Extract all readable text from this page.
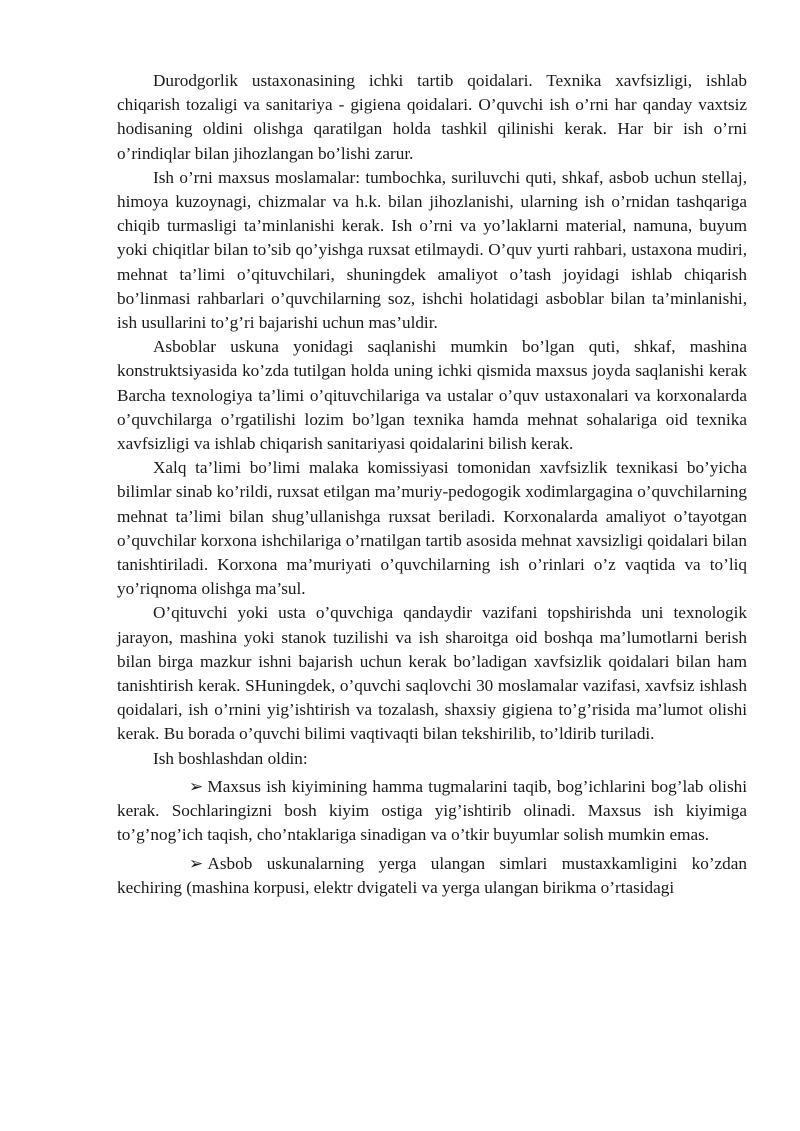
Durodgorlik ustaxonasining ichki tartib qoidalari. Texnika xavfsizligi, ishlab chiqarish tozaligi va sanitariya - gigiena qoidalari. O’quvchi ish o’rni har qanday vaxtsiz hodisaning oldini olishga qaratilgan holda tashkil qilinishi kerak. Har bir ish o’rni o’rindiqlar bilan jihozlangan bo’lishi zarur.

Ish o’rni maxsus moslamalar: tumbochka, suriluvchi quti, shkaf, asbob uchun stellaj, himoya kuzoynagi, chizmalar va h.k. bilan jihozlanishi, ularning ish o’rnidan tashqariga chiqib turmasligi ta’minlanishi kerak. Ish o’rni va yo’laklarni material, namuna, buyum yoki chiqitlar bilan to’sib qo’yishga ruxsat etilmaydi. O’quv yurti rahbari, ustaxona mudiri, mehnat ta’limi o’qituvchilari, shuningdek amaliyot o’tash joyidagi ishlab chiqarish bo’linmasi rahbarlari o’quvchilarning soz, ishchi holatidagi asboblar bilan ta’minlanishi, ish usullarini to’g’ri bajarishi uchun mas’uldir.

Asboblar uskuna yonidagi saqlanishi mumkin bo’lgan quti, shkaf, mashina konstruktsiyasida ko’zda tutilgan holda uning ichki qismida maxsus joyda saqlanishi kerak Barcha texnologiya ta’limi o’qituvchilariga va ustalar o’quv ustaxonalari va korxonalarda o’quvchilarga o’rgatilishi lozim bo’lgan texnika hamda mehnat sohalariga oid texnika xavfsizligi va ishlab chiqarish sanitariyasi qoidalarini bilish kerak.

Xalq ta’limi bo’limi malaka komissiyasi tomonidan xavfsizlik texnikasi bo’yicha bilimlar sinab ko’rildi, ruxsat etilgan ma’muriy-pedogogik xodimlargagina o’quvchilarning mehnat ta’limi bilan shug’ullanishga ruxsat beriladi. Korxonalarda amaliyot o’tayotgan o’quvchilar korxona ishchilariga o’rnatilgan tartib asosida mehnat xavsizligi qoidalari bilan tanishtiriladi. Korxona ma’muriyati o’quvchilarning ish o’rinlari o’z vaqtida va to’liq yo’riqnoma olishga ma’sul.

O’qituvchi yoki usta o’quvchiga qandaydir vazifani topshirishda uni texnologik jarayon, mashina yoki stanok tuzilishi va ish sharoitga oid boshqa ma’lumotlarni berish bilan birga mazkur ishni bajarish uchun kerak bo’ladigan xavfsizlik qoidalari bilan ham tanishtirish kerak. SHuningdek, o’quvchi saqlovchi 30 moslamalar vazifasi, xavfsiz ishlash qoidalari, ish o’rnini yig’ishtirish va tozalash, shaxsiy gigiena to’g’risida ma’lumot olishi kerak. Bu borada o’quvchi bilimi vaqtivaqti bilan tekshirilib, to’ldirib turiladi.

Ish boshlashdan oldin:

➢ Maxsus ish kiyimining hamma tugmalarini taqib, bog’ichlarini bog’lab olishi kerak. Sochlaringizni bosh kiyim ostiga yig’ishtirib olinadi. Maxsus ish kiyimiga to’g’nog’ich taqish, cho’ntaklariga sinadigan va o’tkir buyumlar solish mumkin emas.

➢ Asbob uskunalarning yerga ulangan simlari mustaxkamligini ko’zdan kechiring (mashina korpusi, elektr dvigateli va yerga ulangan birikma o’rtasidagi
